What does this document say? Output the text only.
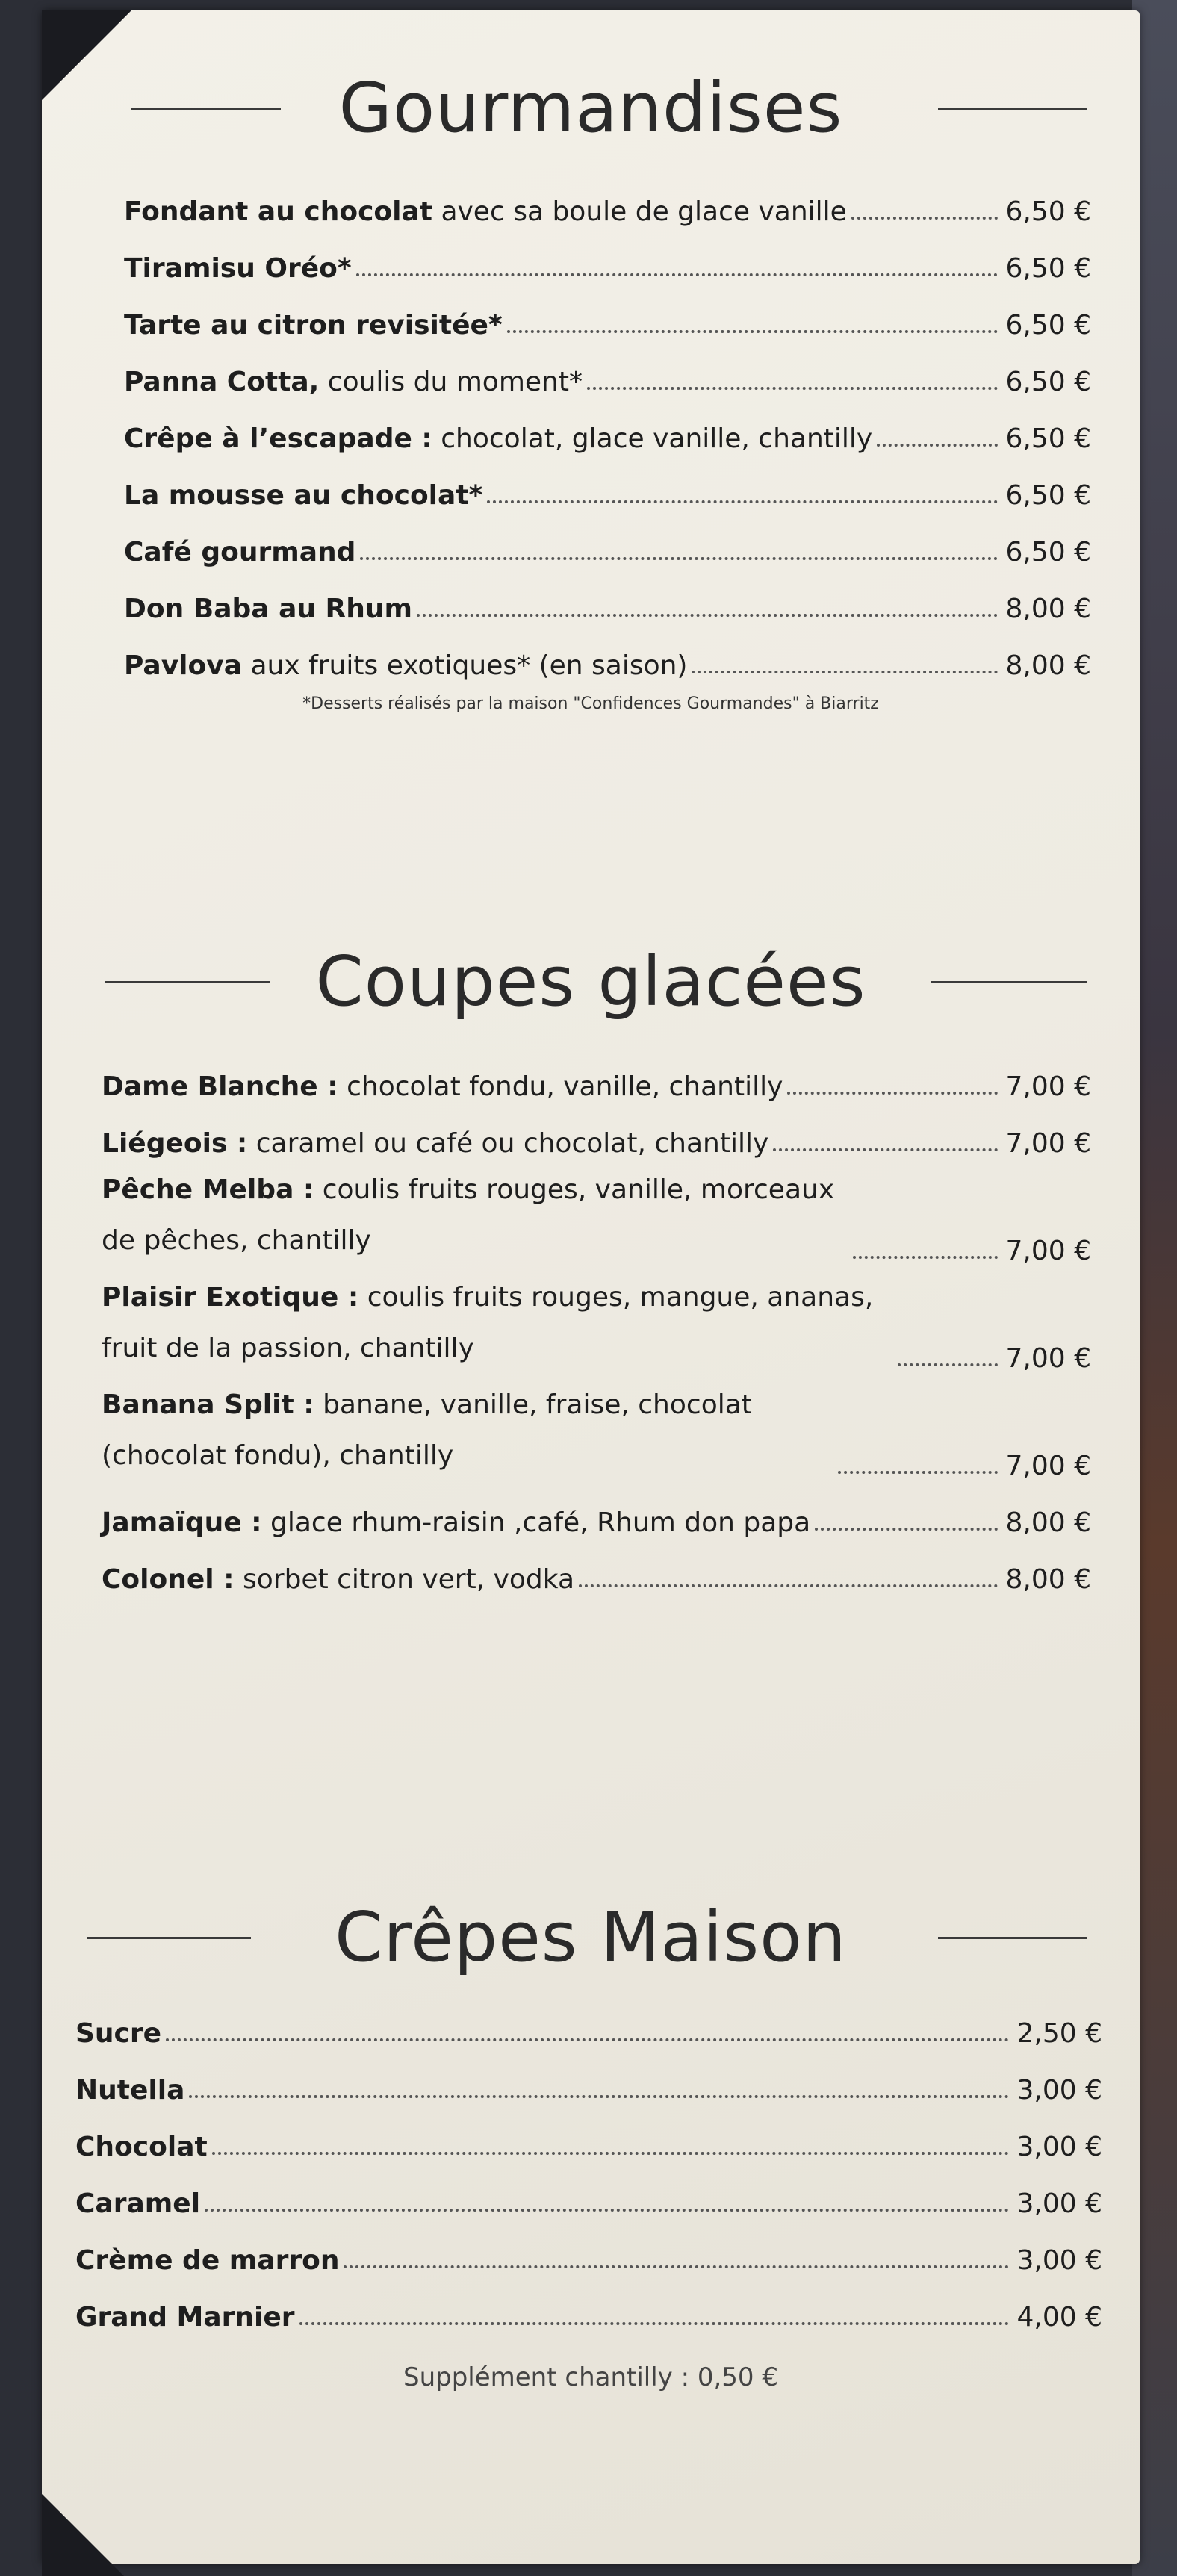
Gourmandises
Fondant au chocolat avec sa boule de glace vanille	6,50 €
Tiramisu Oréo*	6,50 €
Tarte au citron revisitée*	6,50 €
Panna Cotta, coulis du moment*	6,50 €
Crêpe à l’escapade : chocolat, glace vanille, chantilly	6,50 €
La mousse au chocolat*	6,50 €
Café gourmand	6,50 €
Don Baba au Rhum	8,00 €
Pavlova aux fruits exotiques* (en saison)	8,00 €
*Desserts réalisés par la maison "Confidences Gourmandes" à Biarritz
Coupes glacées
Dame Blanche : chocolat fondu, vanille, chantilly	7,00 €
Liégeois : caramel ou café ou chocolat, chantilly	7,00 €
Pêche Melba : coulis fruits rouges, vanille, morceaux de pêches, chantilly	7,00 €
Plaisir Exotique : coulis fruits rouges, mangue, ananas, fruit de la passion, chantilly	7,00 €
Banana Split : banane, vanille, fraise, chocolat (chocolat fondu), chantilly	7,00 €
Jamaïque : glace rhum-raisin ,café, Rhum don papa	8,00 €
Colonel : sorbet citron vert, vodka	8,00 €
Crêpes Maison
Sucre	2,50 €
Nutella	3,00 €
Chocolat	3,00 €
Caramel	3,00 €
Crème de marron	3,00 €
Grand Marnier	4,00 €
Supplément chantilly : 0,50 €
